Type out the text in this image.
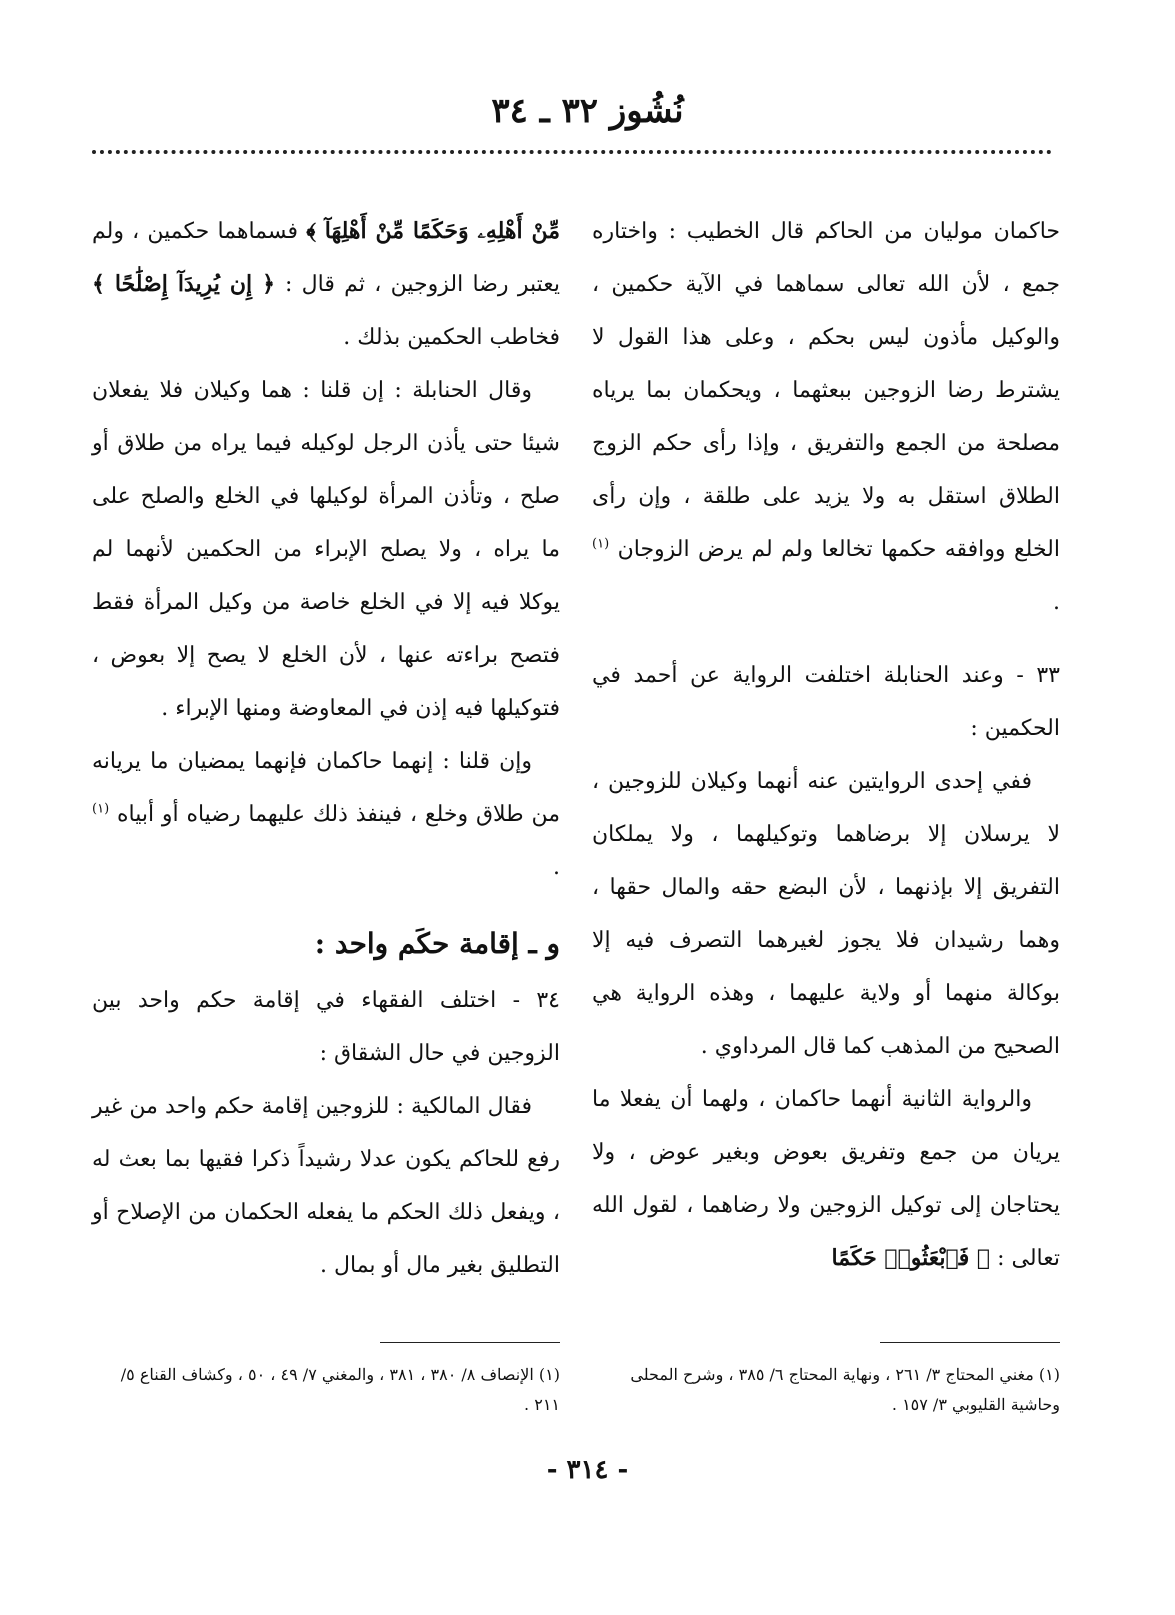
نُشُوز ٣٢ ـ ٣٤

حاكمان موليان من الحاكم قال الخطيب : واختاره جمع ، لأن الله تعالى سماهما في الآية حكمين ، والوكيل مأذون ليس بحكم ، وعلى هذا القول لا يشترط رضا الزوجين ببعثهما ، ويحكمان بما يرياه مصلحة من الجمع والتفريق ، وإذا رأى حكم الزوج الطلاق استقل به ولا يزيد على طلقة ، وإن رأى الخلع ووافقه حكمها تخالعا ولم لم يرض الزوجان $^{(١)}$ .

٣٣ - وعند الحنابلة اختلفت الرواية عن أحمد في الحكمين :

ففي إحدى الروايتين عنه أنهما وكيلان للزوجين ، لا يرسلان إلا برضاهما وتوكيلهما ، ولا يملكان التفريق إلا بإذنهما ، لأن البضع حقه والمال حقها ، وهما رشيدان فلا يجوز لغيرهما التصرف فيه إلا بوكالة منهما أو ولاية عليهما ، وهذه الرواية هي الصحيح من المذهب كما قال المرداوي .

والرواية الثانية أنهما حاكمان ، ولهما أن يفعلا ما يريان من جمع وتفريق بعوض وبغير عوض ، ولا يحتاجان إلى توكيل الزوجين ولا رضاهما ، لقول الله تعالى : ﴿ فَٱبْعَثُوا۟ حَكَمًا

مِّنْ أَهْلِهِۦ وَحَكَمًا مِّنْ أَهْلِهَآ ﴾ فسماهما حكمين ، ولم يعتبر رضا الزوجين ، ثم قال : ﴿ إِن يُرِيدَآ إِصْلَٰحًا ﴾ فخاطب الحكمين بذلك .

وقال الحنابلة : إن قلنا : هما وكيلان فلا يفعلان شيئا حتى يأذن الرجل لوكيله فيما يراه من طلاق أو صلح ، وتأذن المرأة لوكيلها في الخلع والصلح على ما يراه ، ولا يصلح الإبراء من الحكمين لأنهما لم يوكلا فيه إلا في الخلع خاصة من وكيل المرأة فقط فتصح براءته عنها ، لأن الخلع لا يصح إلا بعوض ، فتوكيلها فيه إذن في المعاوضة ومنها الإبراء .

وإن قلنا : إنهما حاكمان فإنهما يمضيان ما يريانه من طلاق وخلع ، فينفذ ذلك عليهما رضياه أو أبياه $^{(١)}$ .

و ـ إقامة حكَم واحد :

٣٤ - اختلف الفقهاء في إقامة حكم واحد بين الزوجين في حال الشقاق :

فقال المالكية : للزوجين إقامة حكم واحد من غير رفع للحاكم يكون عدلا رشيداً ذكرا فقيها بما بعث له ، ويفعل ذلك الحكم ما يفعله الحكمان من الإصلاح أو التطليق بغير مال أو بمال .

(١) مغني المحتاج ٣/ ٢٦١ ، ونهاية المحتاج ٦/ ٣٨٥ ، وشرح المحلى وحاشية القليوبي ٣/ ١٥٧ .
(١) الإنصاف ٨/ ٣٨٠ ، ٣٨١ ، والمغني ٧/ ٤٩ ، ٥٠ ، وكشاف القناع ٥/ ٢١١ .
- ٣١٤ -
